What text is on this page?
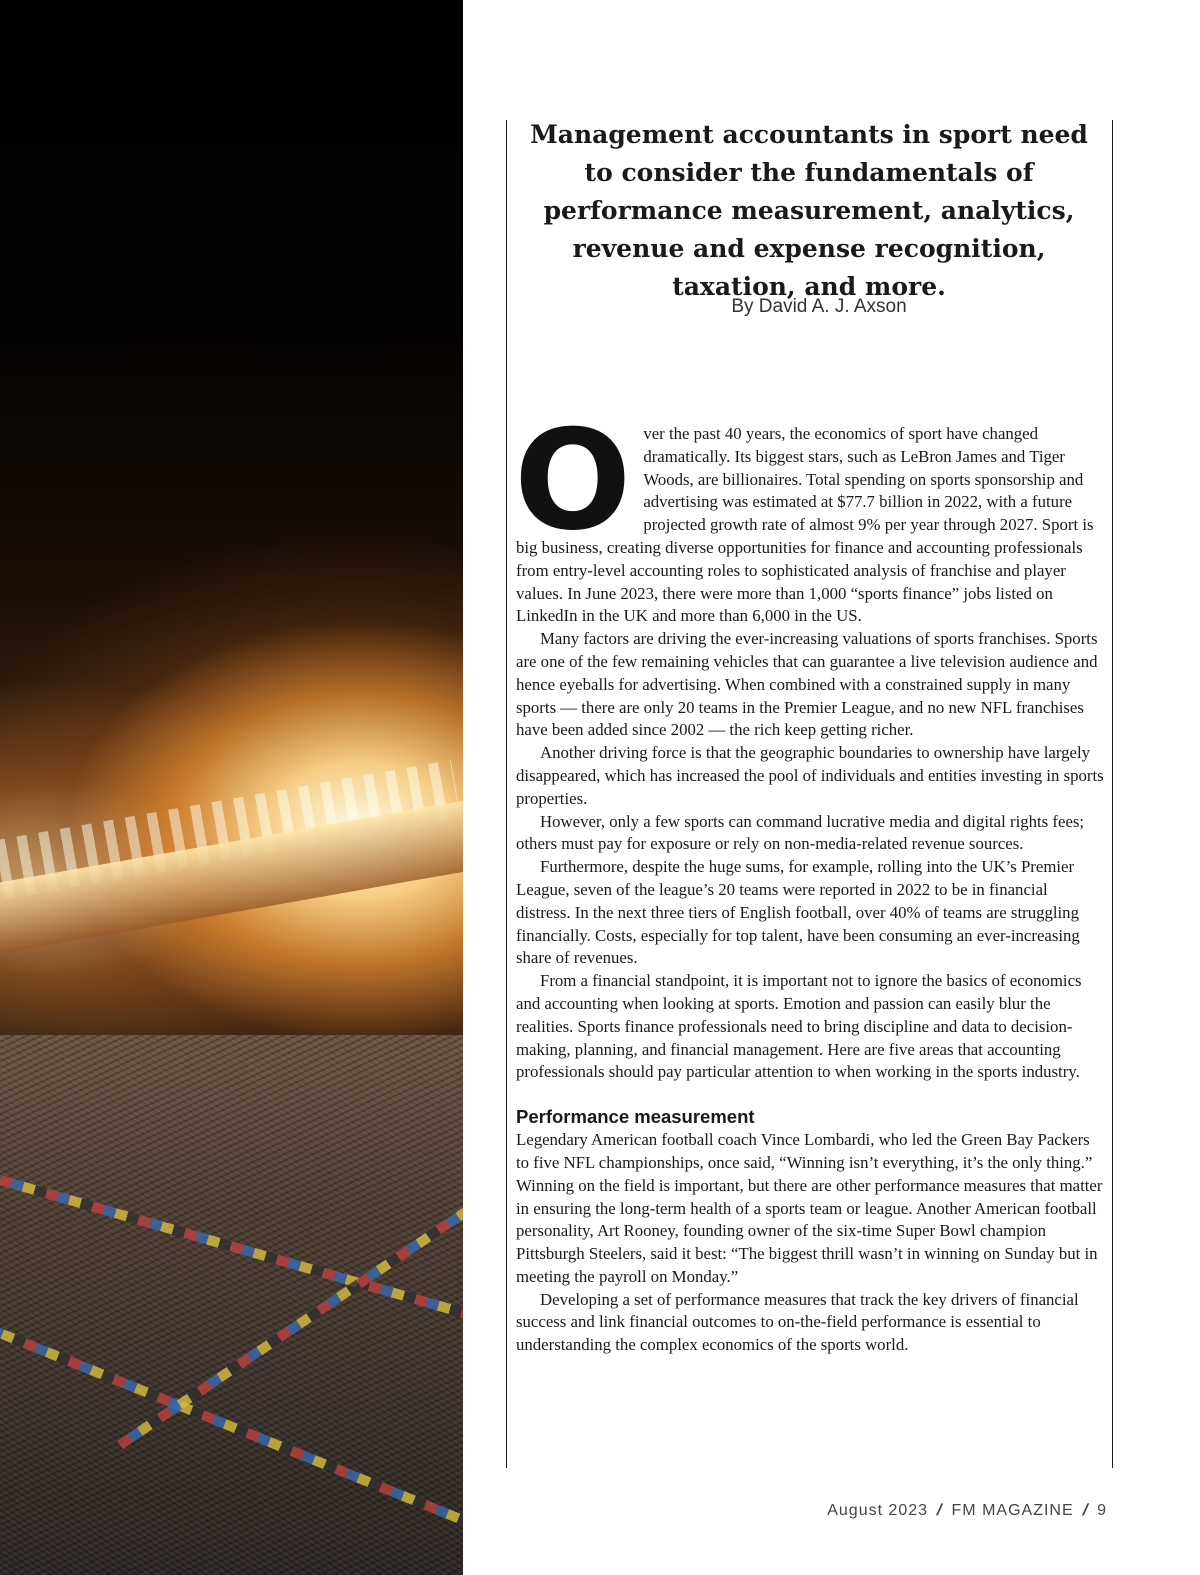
Management accountants in sport need to consider the fundamentals of performance measurement, analytics, revenue and expense recognition, taxation, and more.

By David A. J. Axson

Over the past 40 years, the economics of sport have changed dramatically. Its biggest stars, such as LeBron James and Tiger Woods, are billionaires. Total spending on sports sponsorship and advertising was estimated at $77.7 billion in 2022, with a future projected growth rate of almost 9% per year through 2027. Sport is big business, creating diverse opportunities for finance and accounting professionals from entry-level accounting roles to sophisticated analysis of franchise and player values. In June 2023, there were more than 1,000 “sports finance” jobs listed on LinkedIn in the UK and more than 6,000 in the US.

Many factors are driving the ever-increasing valuations of sports franchises. Sports are one of the few remaining vehicles that can guarantee a live television audience and hence eyeballs for advertising. When combined with a constrained supply in many sports — there are only 20 teams in the Premier League, and no new NFL franchises have been added since 2002 — the rich keep getting richer.

Another driving force is that the geographic boundaries to ownership have largely disappeared, which has increased the pool of individuals and entities investing in sports properties.

However, only a few sports can command lucrative media and digital rights fees; others must pay for exposure or rely on non-media-related revenue sources.

Furthermore, despite the huge sums, for example, rolling into the UK’s Premier League, seven of the league’s 20 teams were reported in 2022 to be in financial distress. In the next three tiers of English football, over 40% of teams are struggling financially. Costs, especially for top talent, have been consuming an ever-increasing share of revenues.

From a financial standpoint, it is important not to ignore the basics of economics and accounting when looking at sports. Emotion and passion can easily blur the realities. Sports finance professionals need to bring discipline and data to decision-making, planning, and financial management. Here are five areas that accounting professionals should pay particular attention to when working in the sports industry.

Performance measurement

Legendary American football coach Vince Lombardi, who led the Green Bay Packers to five NFL championships, once said, “Winning isn’t everything, it’s the only thing.” Winning on the field is important, but there are other performance measures that matter in ensuring the long-term health of a sports team or league. Another American football personality, Art Rooney, founding owner of the six-time Super Bowl champion Pittsburgh Steelers, said it best: “The biggest thrill wasn’t in winning on Sunday but in meeting the payroll on Monday.”

Developing a set of performance measures that track the key drivers of financial success and link financial outcomes to on-the-field performance is essential to understanding the complex economics of the sports world.

August 2023 / FM MAGAZINE / 9
